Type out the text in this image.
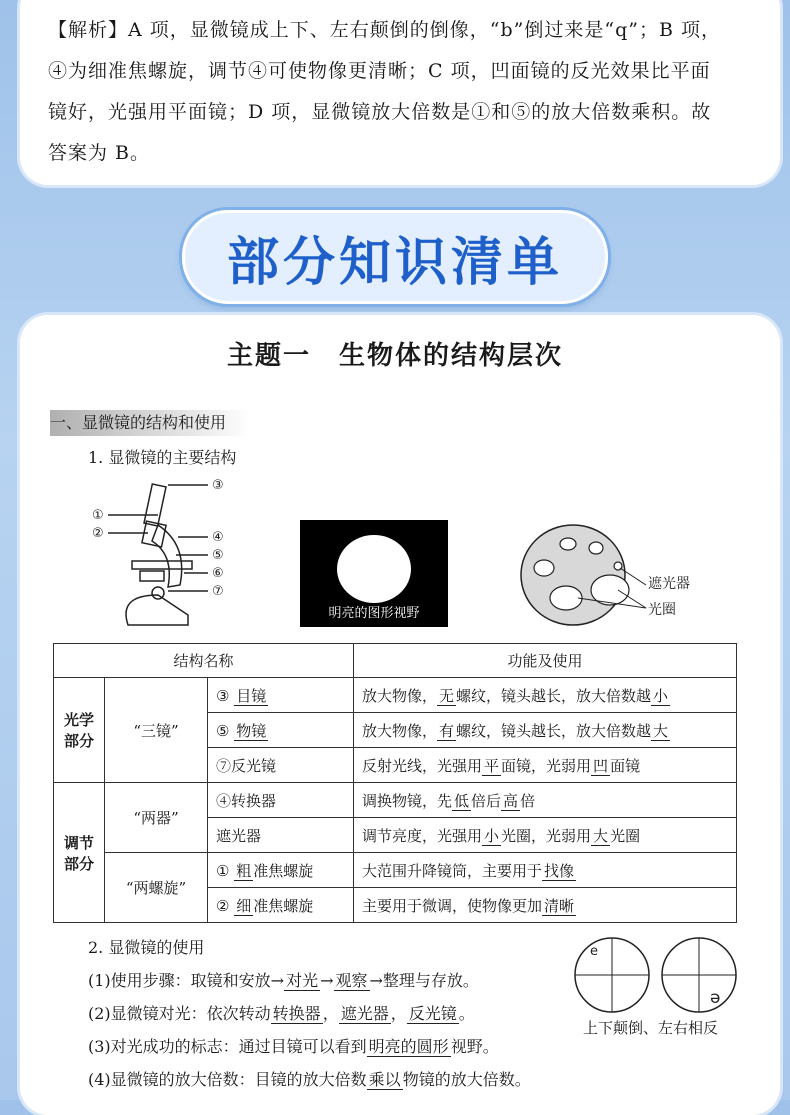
【解析】A 项，显微镜成上下、左右颠倒的倒像，“b”倒过来是“q”；B 项，
④为细准焦螺旋，调节④可使物像更清晰；C 项，凹面镜的反光效果比平面
镜好，光强用平面镜；D 项，显微镜放大倍数是①和⑤的放大倍数乘积。故
答案为 B。
部分知识清单
主题一　生物体的结构层次
一、显微镜的结构和使用
1. 显微镜的主要结构
③
①
②	④
⑤
⑥
⑦
明亮的图形视野
遮光器
光圈
结构名称			功能及使用
光学
部分	“三镜”	③ 目镜	放大物像， 无 螺纹，镜头越长，放大倍数越 小
		⑤ 物镜	放大物像， 有 螺纹，镜头越长，放大倍数越 大
		⑦反光镜	反射光线，光强用 平 面镜，光弱用 凹 面镜
调节
部分	“两器”	④转换器	调换物镜，先 低 倍后 高 倍
		遮光器	调节亮度，光强用 小 光圈，光弱用 大 光圈
	“两螺旋”	① 粗 准焦螺旋	大范围升降镜筒，主要用于 找像
		② 细 准焦螺旋	主要用于微调，使物像更加 清晰
2. 显微镜的使用
(1)使用步骤：取镜和安放→ 对光 → 观察 →整理与存放。
(2)显微镜对光：依次转动 转换器 ， 遮光器 ， 反光镜 。
(3)对光成功的标志：通过目镜可以看到 明亮的圆形 视野。
(4)显微镜的放大倍数：目镜的放大倍数 乘以 物镜的放大倍数。
e
ə
上下颠倒、左右相反
